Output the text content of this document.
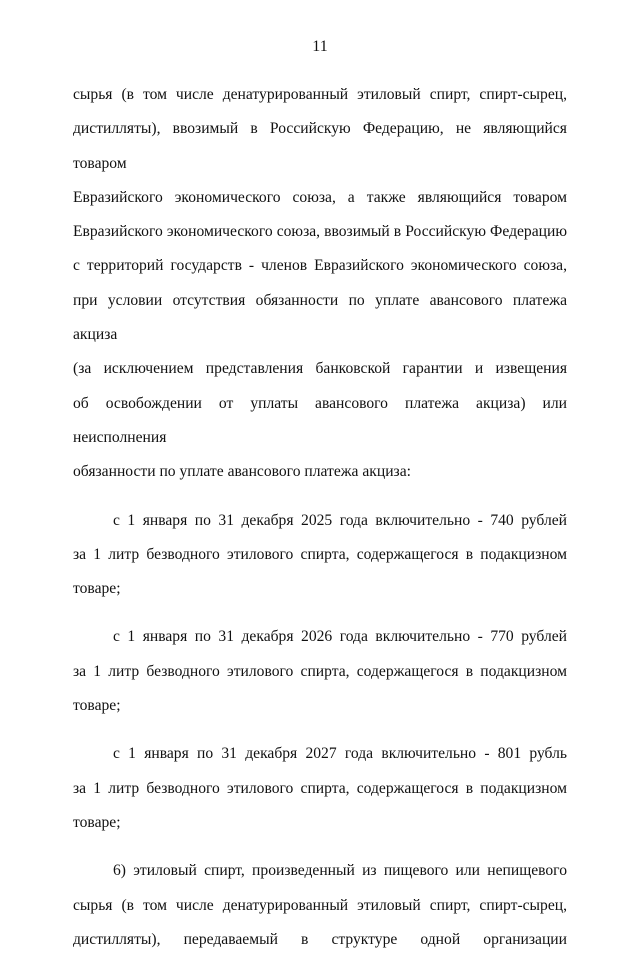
11

сырья (в том числе денатурированный этиловый спирт, спирт-сырец,
дистилляты), ввозимый в Российскую Федерацию, не являющийся товаром
Евразийского экономического союза, а также являющийся товаром
Евразийского экономического союза, ввозимый в Российскую Федерацию
с территорий государств - членов Евразийского экономического союза,
при условии отсутствия обязанности по уплате авансового платежа акциза
(за исключением представления банковской гарантии и извещения
об освобождении от уплаты авансового платежа акциза) или неисполнения
обязанности по уплате авансового платежа акциза:

с 1 января по 31 декабря 2025 года включительно - 740 рублей
за 1 литр безводного этилового спирта, содержащегося в подакцизном
товаре;

с 1 января по 31 декабря 2026 года включительно - 770 рублей
за 1 литр безводного этилового спирта, содержащегося в подакцизном
товаре;

с 1 января по 31 декабря 2027 года включительно - 801 рубль
за 1 литр безводного этилового спирта, содержащегося в подакцизном
товаре;

6) этиловый спирт, произведенный из пищевого или непищевого
сырья (в том числе денатурированный этиловый спирт, спирт-сырец,
дистилляты), передаваемый в структуре одной организации
